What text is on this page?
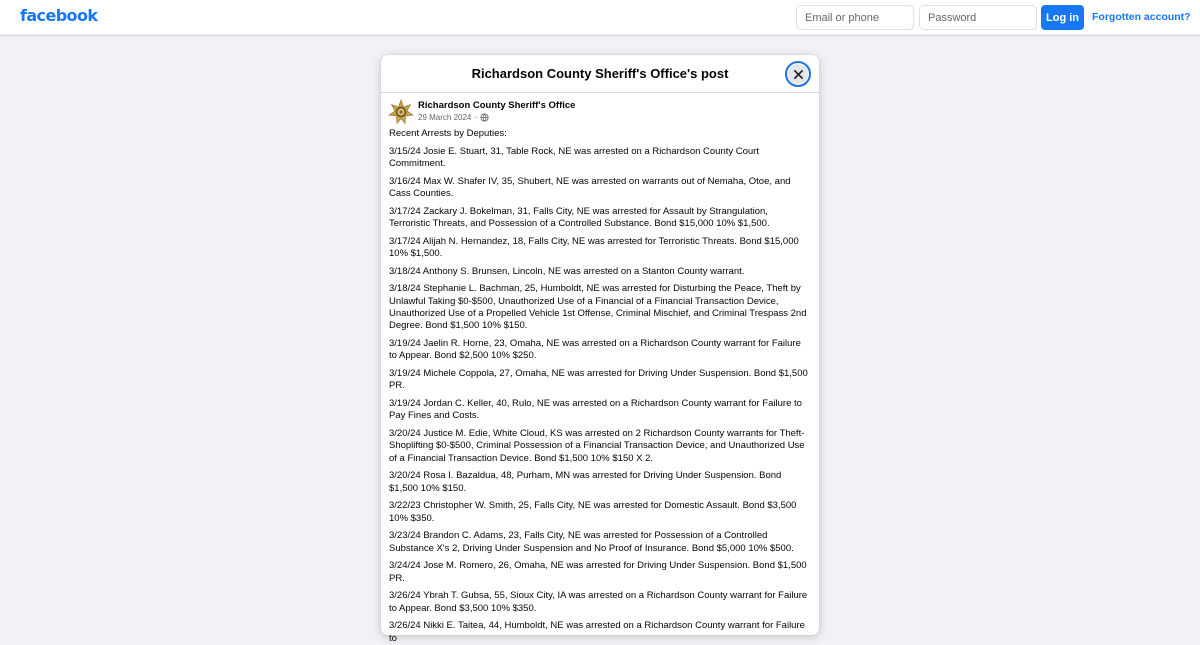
facebook
Email or phone	Log in	Forgotten account?
Richardson County Sheriff's Office's post
Richardson County Sheriff's Office
29 March 2024 ·

Recent Arrests by Deputies:

3/15/24 Josie E. Stuart, 31, Table Rock, NE was arrested on a Richardson County Court Commitment.

3/16/24 Max W. Shafer IV, 35, Shubert, NE was arrested on warrants out of Nemaha, Otoe, and Cass Counties.

3/17/24 Zackary J. Bokelman, 31, Falls City, NE was arrested for Assault by Strangulation, Terroristic Threats, and Possession of a Controlled Substance. Bond $15,000 10% $1,500.

3/17/24 Alijah N. Hernandez, 18, Falls City, NE was arrested for Terroristic Threats. Bond $15,000 10% $1,500.

3/18/24 Anthony S. Brunsen, Lincoln, NE was arrested on a Stanton County warrant.

3/18/24 Stephanie L. Bachman, 25, Humboldt, NE was arrested for Disturbing the Peace, Theft by Unlawful Taking $0-$500, Unauthorized Use of a Financial of a Financial Transaction Device, Unauthorized Use of a Propelled Vehicle 1st Offense, Criminal Mischief, and Criminal Trespass 2nd Degree. Bond $1,500 10% $150.

3/19/24 Jaelin R. Horne, 23, Omaha, NE was arrested on a Richardson County warrant for Failure to Appear. Bond $2,500 10% $250.

3/19/24 Michele Coppola, 27, Omaha, NE was arrested for Driving Under Suspension. Bond $1,500 PR.

3/19/24 Jordan C. Keller, 40, Rulo, NE was arrested on a Richardson County warrant for Failure to Pay Fines and Costs.

3/20/24 Justice M. Edie, White Cloud, KS was arrested on 2 Richardson County warrants for Theft-Shoplifting $0-$500, Criminal Possession of a Financial Transaction Device, and Unauthorized Use of a Financial Transaction Device. Bond $1,500 10% $150 X 2.

3/20/24 Rosa I. Bazaldua, 48, Purham, MN was arrested for Driving Under Suspension. Bond $1,500 10% $150.

3/22/23 Christopher W. Smith, 25, Falls City, NE was arrested for Domestic Assault. Bond $3,500 10% $350.

3/23/24 Brandon C. Adams, 23, Falls City, NE was arrested for Possession of a Controlled Substance X's 2, Driving Under Suspension and No Proof of Insurance. Bond $5,000 10% $500.

3/24/24 Jose M. Romero, 26, Omaha, NE was arrested for Driving Under Suspension. Bond $1,500 PR.

3/26/24 Ybrah T. Gubsa, 55, Sioux City, IA was arrested on a Richardson County warrant for Failure to Appear. Bond $3,500 10% $350.

3/26/24 Nikki E. Taitea, 44, Humboldt, NE was arrested on a Richardson County warrant for Failure to
